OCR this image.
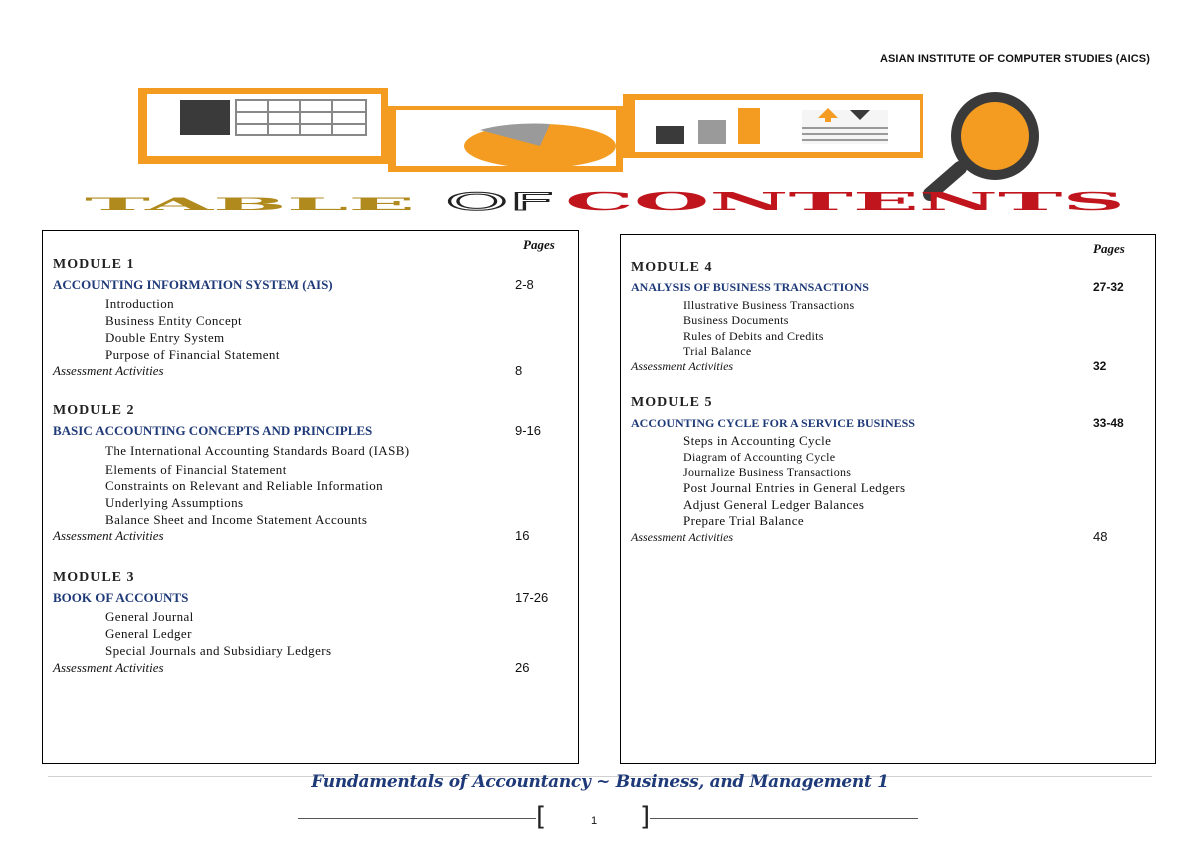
ASIAN INSTITUTE OF COMPUTER STUDIES (AICS)
TABLE OF CONTENTS
Pages
MODULE 1
ACCOUNTING INFORMATION SYSTEM (AIS)	2-8
Introduction
Business Entity Concept
Double Entry System
Purpose of Financial Statement
Assessment Activities	8
MODULE 2
BASIC ACCOUNTING CONCEPTS AND PRINCIPLES	9-16
The International Accounting Standards Board (IASB)
Elements of Financial Statement
Constraints on Relevant and Reliable Information
Underlying Assumptions
Balance Sheet and Income Statement Accounts
Assessment Activities	16
MODULE 3
BOOK OF ACCOUNTS	17-26
General Journal
General Ledger
Special Journals and Subsidiary Ledgers
Assessment Activities	26
Pages
MODULE 4
ANALYSIS OF BUSINESS TRANSACTIONS	27-32
Illustrative Business Transactions
Business Documents
Rules of Debits and Credits
Trial Balance
Assessment Activities	32
MODULE 5
ACCOUNTING CYCLE FOR A SERVICE BUSINESS	33-48
Steps in Accounting Cycle
Diagram of Accounting Cycle
Journalize Business Transactions
Post Journal Entries in General Ledgers
Adjust General Ledger Balances
Prepare Trial Balance
Assessment Activities	48
Fundamentals of Accountancy ~ Business, and Management 1
[	1 ]
